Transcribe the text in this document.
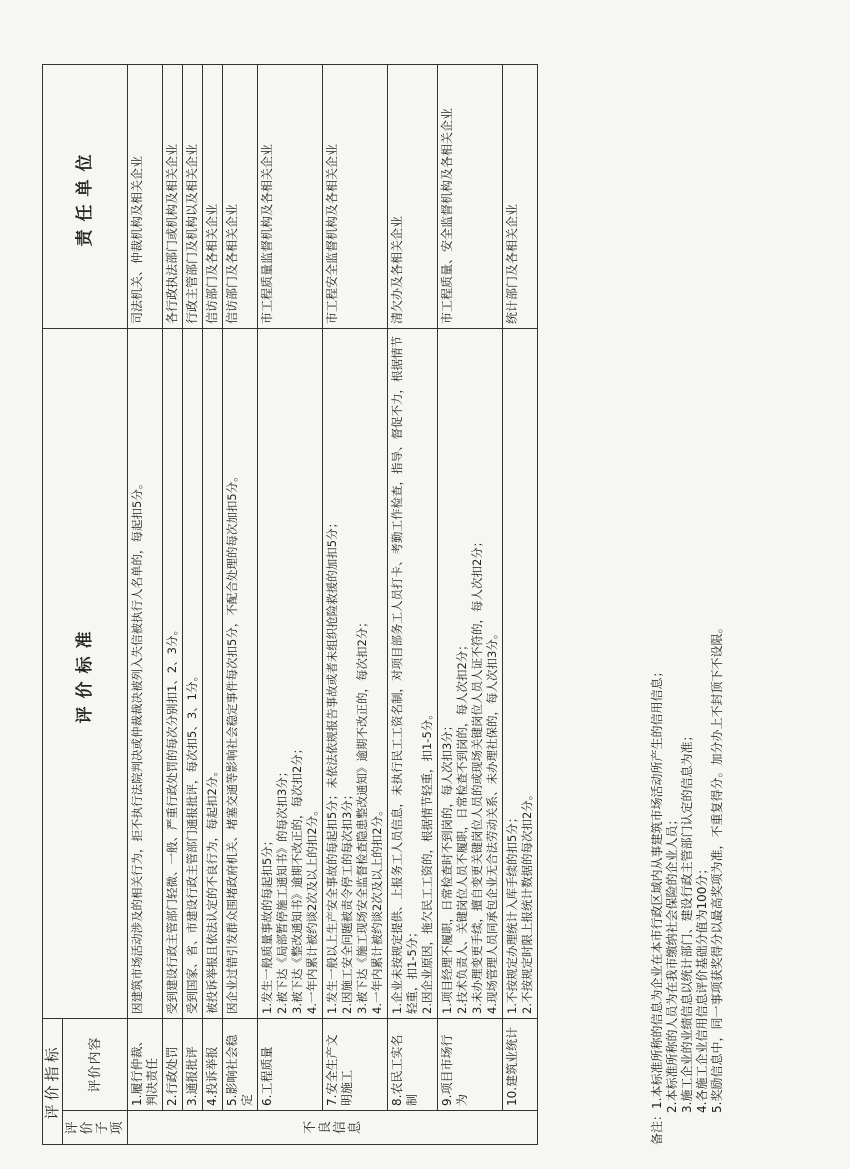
评价指标		评价标准	责任单位
评价子项	评价内容		
不良信息	1.履行仲裁、判决责任	因建筑市场活动涉及的相关行为，拒不执行法院判决或仲裁裁决被列入失信被执行人名单的，每起扣5分。	司法机关、仲裁机构及相关企业
	2.行政处罚	受到建设行政主管部门轻微、一般、严重行政处罚的每次分别扣1、2、3分。	各行政执法部门或机构及相关企业
	3.通报批评	受到国家、省、市建设行政主管部门通报批评，每次扣5、3、1分。	行政主管部门及机构以及相关企业
	4.投诉举报	被投诉举报且依法认定的不良行为，每起扣2分。	信访部门及各相关企业
	5.影响社会稳定	因企业过错引发群众围堵政府机关、堵塞交通等影响社会稳定事件每次扣5分，不配合处理的每次加扣5分。	信访部门及各相关企业
	6.工程质量	1.发生一般质量事故的每起扣5分； 2.被下达《局部暂停施工通知书》的每次扣3分； 3.被下达《整改通知书》逾期不改正的，每次扣2分； 4.一年内累计被约谈2次及以上的扣2分。	市工程质量监督机构及各相关企业
	7.安全生产文明施工	1.发生一般以上生产安全事故的每起扣5分；未依法依规报告事故或者未组织抢险救援的加扣5分； 2.因施工安全问题被责令停工的每次扣3分； 3.被下达《施工现场安全监督检查隐患整改通知》逾期不改正的，每次扣2分； 4.一年内累计被约谈2次及以上的扣2分。	市工程安全监督机构及各相关企业
	8.农民工实名制	1.企业未按规定提供、上报务工人员信息，未执行民工工资名制，对项目部务工人员打卡、考勤工作检查，指导、督促不力，根据情节轻重，扣1-5分； 2.因企业原因，拖欠民工工资的，根据情节轻重，扣1-5分。	清欠办及各相关企业
	9.项目市场行为	1.项目经理不履职，日常检查时不到岗的，每人次扣3分； 2.技术负责人、关键岗位人员不履职，日常检查不到岗的，每人次扣2分； 3.未办理变更手续，擅自变更关键岗位人员的或现场关键岗位人员人证不符的，每人次扣2分； 4.现场管理人员同承包企业无合法劳动关系、未办理社保的，每人次扣3分。	市工程质量、安全监督机构及各相关企业
	10.建筑业统计	1.不按规定办理统计入库手续的扣5分； 2.不按规定时限上报统计数据的每次扣2分。	统计部门及各相关企业
备注：1.本标准所称的信息为企业在本市行政区域内从事建筑市场活动所产生的信用信息； 2.本标准所称的人员为在我市缴纳社会保险的企业人员； 3.施工企业的业绩信息以统计部门、建设行政主管部门认定的信息为准； 4.各施工企业信用信息评价基础分值为100分； 5.奖励信息中，同一事项获奖得分以最高奖项为准，不重复得分。加分办上不封顶下不设限。
